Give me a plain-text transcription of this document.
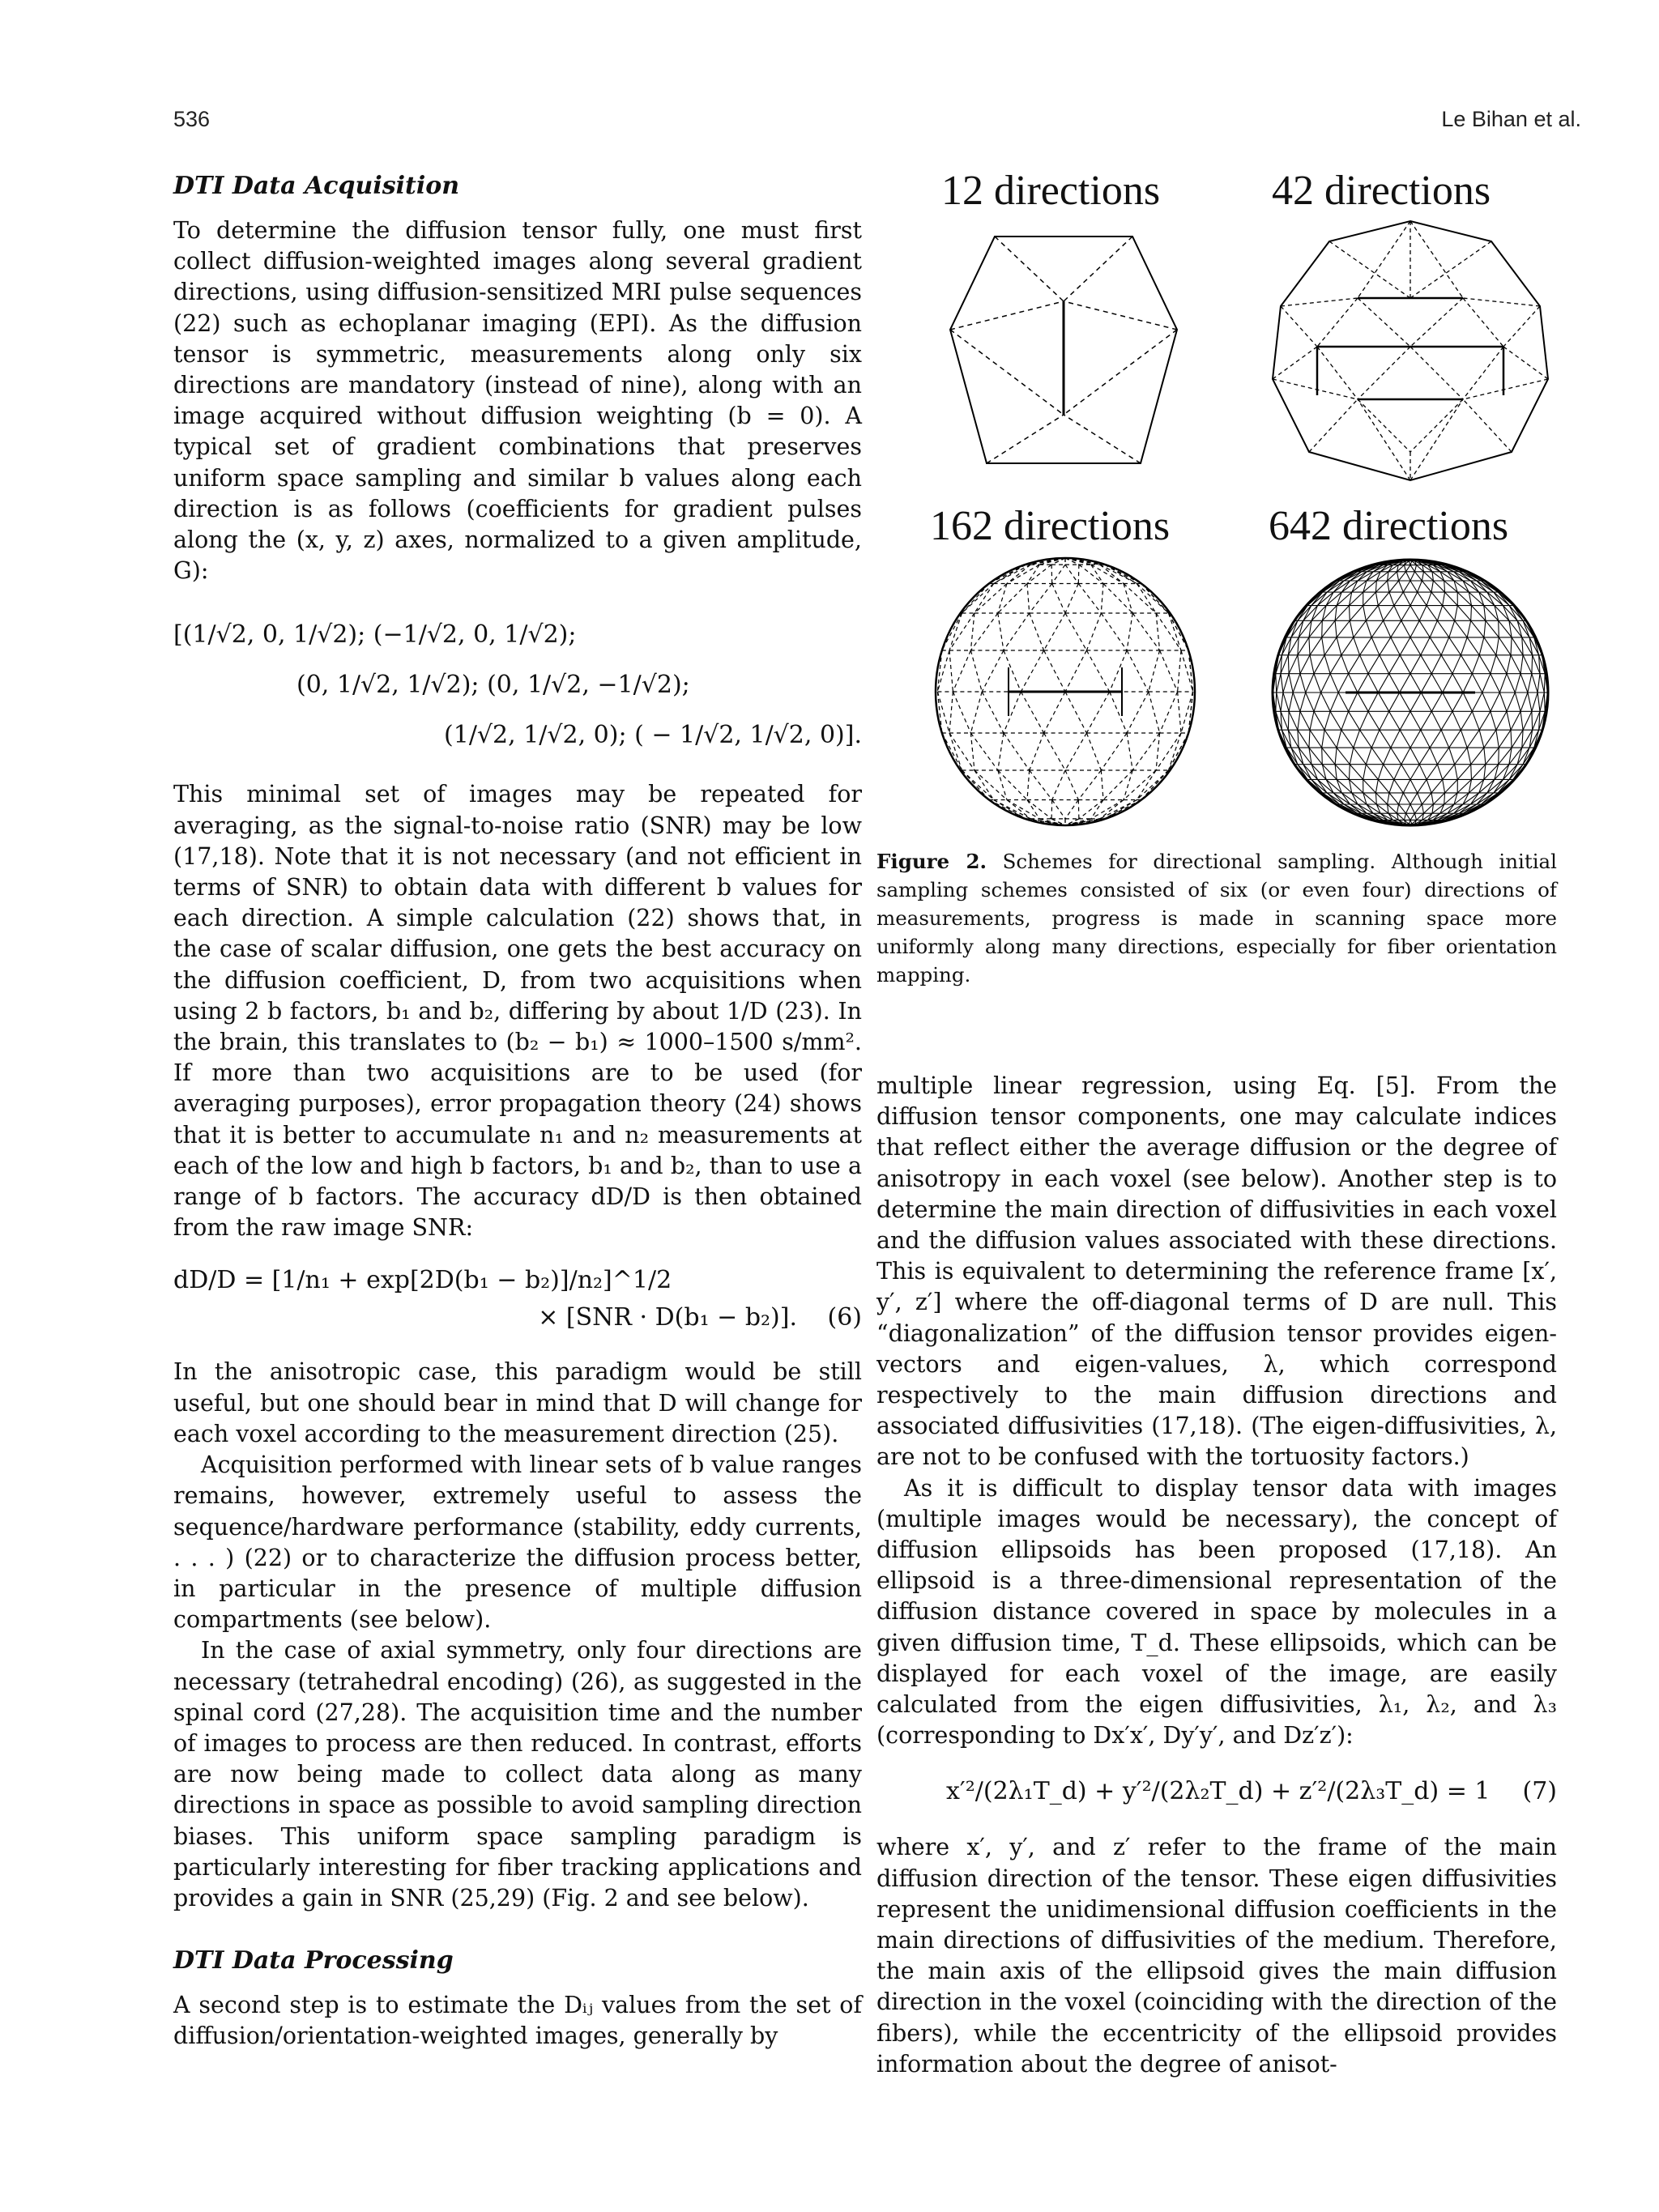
536	Le Bihan et al.
DTI Data Acquisition

To determine the diffusion tensor fully, one must first collect diffusion-weighted images along several gradient directions, using diffusion-sensitized MRI pulse sequences (22) such as echoplanar imaging (EPI). As the diffusion tensor is symmetric, measurements along only six directions are mandatory (instead of nine), along with an image acquired without diffusion weighting (b = 0). A typical set of gradient combinations that preserves uniform space sampling and similar b values along each direction is as follows (coefficients for gradient pulses along the (x, y, z) axes, normalized to a given amplitude, G):

[(1/√2, 0, 1/√2); (−1/√2, 0, 1/√2);
(0, 1/√2, 1/√2); (0, 1/√2, −1/√2);
(1/√2, 1/√2, 0); ( − 1/√2, 1/√2, 0)].

This minimal set of images may be repeated for averaging, as the signal-to-noise ratio (SNR) may be low (17,18). Note that it is not necessary (and not efficient in terms of SNR) to obtain data with different b values for each direction. A simple calculation (22) shows that, in the case of scalar diffusion, one gets the best accuracy on the diffusion coefficient, D, from two acquisitions when using 2 b factors, b₁ and b₂, differing by about 1/D (23). In the brain, this translates to (b₂ − b₁) ≈ 1000–1500 s/mm². If more than two acquisitions are to be used (for averaging purposes), error propagation theory (24) shows that it is better to accumulate n₁ and n₂ measurements at each of the low and high b factors, b₁ and b₂, than to use a range of b factors. The accuracy dD/D is then obtained from the raw image SNR:

dD/D = [1/n₁ + exp[2D(b₁ − b₂)]/n₂]^1/2
× [SNR · D(b₁ − b₂)]. (6)

In the anisotropic case, this paradigm would be still useful, but one should bear in mind that D will change for each voxel according to the measurement direction (25).

Acquisition performed with linear sets of b value ranges remains, however, extremely useful to assess the sequence/hardware performance (stability, eddy currents, . . . ) (22) or to characterize the diffusion process better, in particular in the presence of multiple diffusion compartments (see below).

In the case of axial symmetry, only four directions are necessary (tetrahedral encoding) (26), as suggested in the spinal cord (27,28). The acquisition time and the number of images to process are then reduced. In contrast, efforts are now being made to collect data along as many directions in space as possible to avoid sampling direction biases. This uniform space sampling paradigm is particularly interesting for fiber tracking applications and provides a gain in SNR (25,29) (Fig. 2 and see below).

DTI Data Processing

A second step is to estimate the Dᵢⱼ values from the set of diffusion/orientation-weighted images, generally by

12 directions	42 directions
162 directions 642 directions
Figure 2. Schemes for directional sampling. Although initial sampling schemes consisted of six (or even four) directions of measurements, progress is made in scanning space more uniformly along many directions, especially for fiber orientation mapping.

multiple linear regression, using Eq. [5]. From the diffusion tensor components, one may calculate indices that reflect either the average diffusion or the degree of anisotropy in each voxel (see below). Another step is to determine the main direction of diffusivities in each voxel and the diffusion values associated with these directions. This is equivalent to determining the reference frame [x′, y′, z′] where the off-diagonal terms of D are null. This “diagonalization” of the diffusion tensor provides eigen-vectors and eigen-values, λ, which correspond respectively to the main diffusion directions and associated diffusivities (17,18). (The eigen-diffusivities, λ, are not to be confused with the tortuosity factors.)

As it is difficult to display tensor data with images (multiple images would be necessary), the concept of diffusion ellipsoids has been proposed (17,18). An ellipsoid is a three-dimensional representation of the diffusion distance covered in space by molecules in a given diffusion time, T_d. These ellipsoids, which can be displayed for each voxel of the image, are easily calculated from the eigen diffusivities, λ₁, λ₂, and λ₃ (corresponding to Dx′x′, Dy′y′, and Dz′z′):

x′²/(2λ₁T_d) + y′²/(2λ₂T_d) + z′²/(2λ₃T_d) = 1 (7)

where x′, y′, and z′ refer to the frame of the main diffusion direction of the tensor. These eigen diffusivities represent the unidimensional diffusion coefficients in the main directions of diffusivities of the medium. Therefore, the main axis of the ellipsoid gives the main diffusion direction in the voxel (coinciding with the direction of the fibers), while the eccentricity of the ellipsoid provides information about the degree of anisot-
